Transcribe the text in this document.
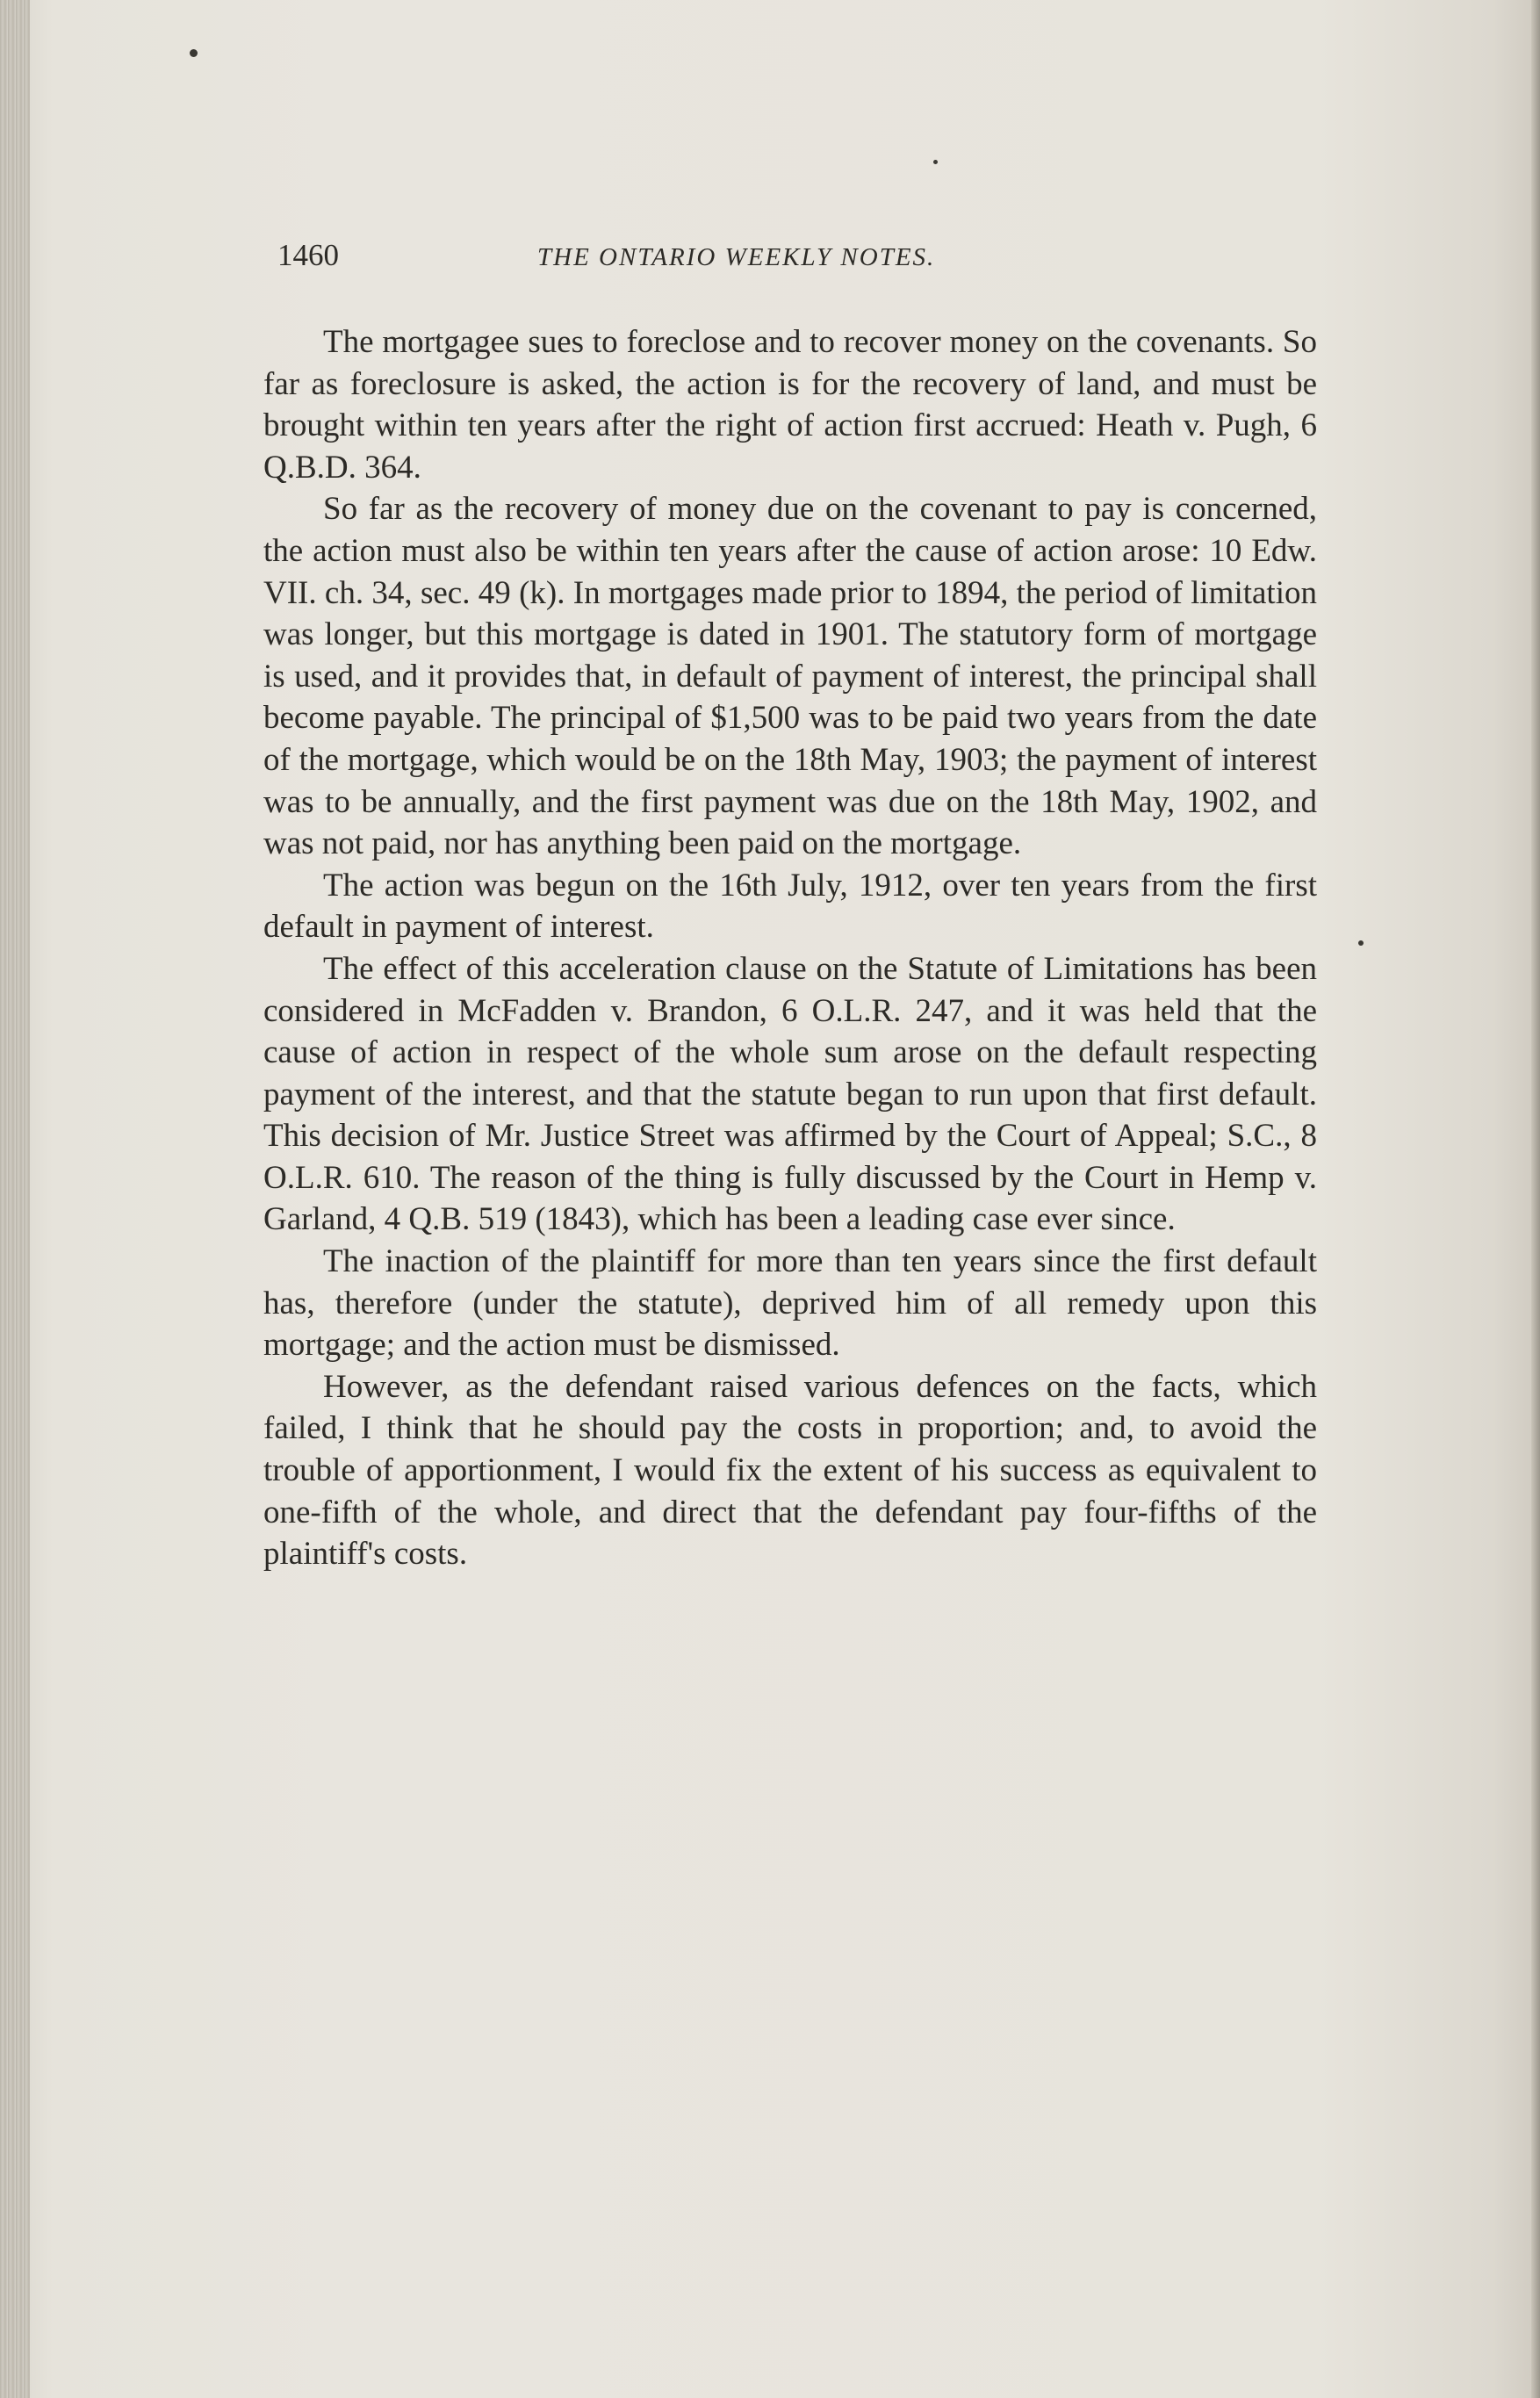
1460	THE ONTARIO WEEKLY NOTES.

The mortgagee sues to foreclose and to recover money on the covenants. So far as foreclosure is asked, the action is for the recovery of land, and must be brought within ten years after the right of action first accrued: Heath v. Pugh, 6 Q.B.D. 364.

So far as the recovery of money due on the covenant to pay is concerned, the action must also be within ten years after the cause of action arose: 10 Edw. VII. ch. 34, sec. 49 (k). In mortgages made prior to 1894, the period of limitation was longer, but this mortgage is dated in 1901. The statutory form of mortgage is used, and it provides that, in default of payment of interest, the principal shall become payable. The principal of $1,500 was to be paid two years from the date of the mortgage, which would be on the 18th May, 1903; the payment of interest was to be annually, and the first payment was due on the 18th May, 1902, and was not paid, nor has anything been paid on the mortgage.

The action was begun on the 16th July, 1912, over ten years from the first default in payment of interest.

The effect of this acceleration clause on the Statute of Limitations has been considered in McFadden v. Brandon, 6 O.L.R. 247, and it was held that the cause of action in respect of the whole sum arose on the default respecting payment of the interest, and that the statute began to run upon that first default. This decision of Mr. Justice Street was affirmed by the Court of Appeal; S.C., 8 O.L.R. 610. The reason of the thing is fully discussed by the Court in Hemp v. Garland, 4 Q.B. 519 (1843), which has been a leading case ever since.

The inaction of the plaintiff for more than ten years since the first default has, therefore (under the statute), deprived him of all remedy upon this mortgage; and the action must be dismissed.

However, as the defendant raised various defences on the facts, which failed, I think that he should pay the costs in proportion; and, to avoid the trouble of apportionment, I would fix the extent of his success as equivalent to one-fifth of the whole, and direct that the defendant pay four-fifths of the plaintiff's costs.
